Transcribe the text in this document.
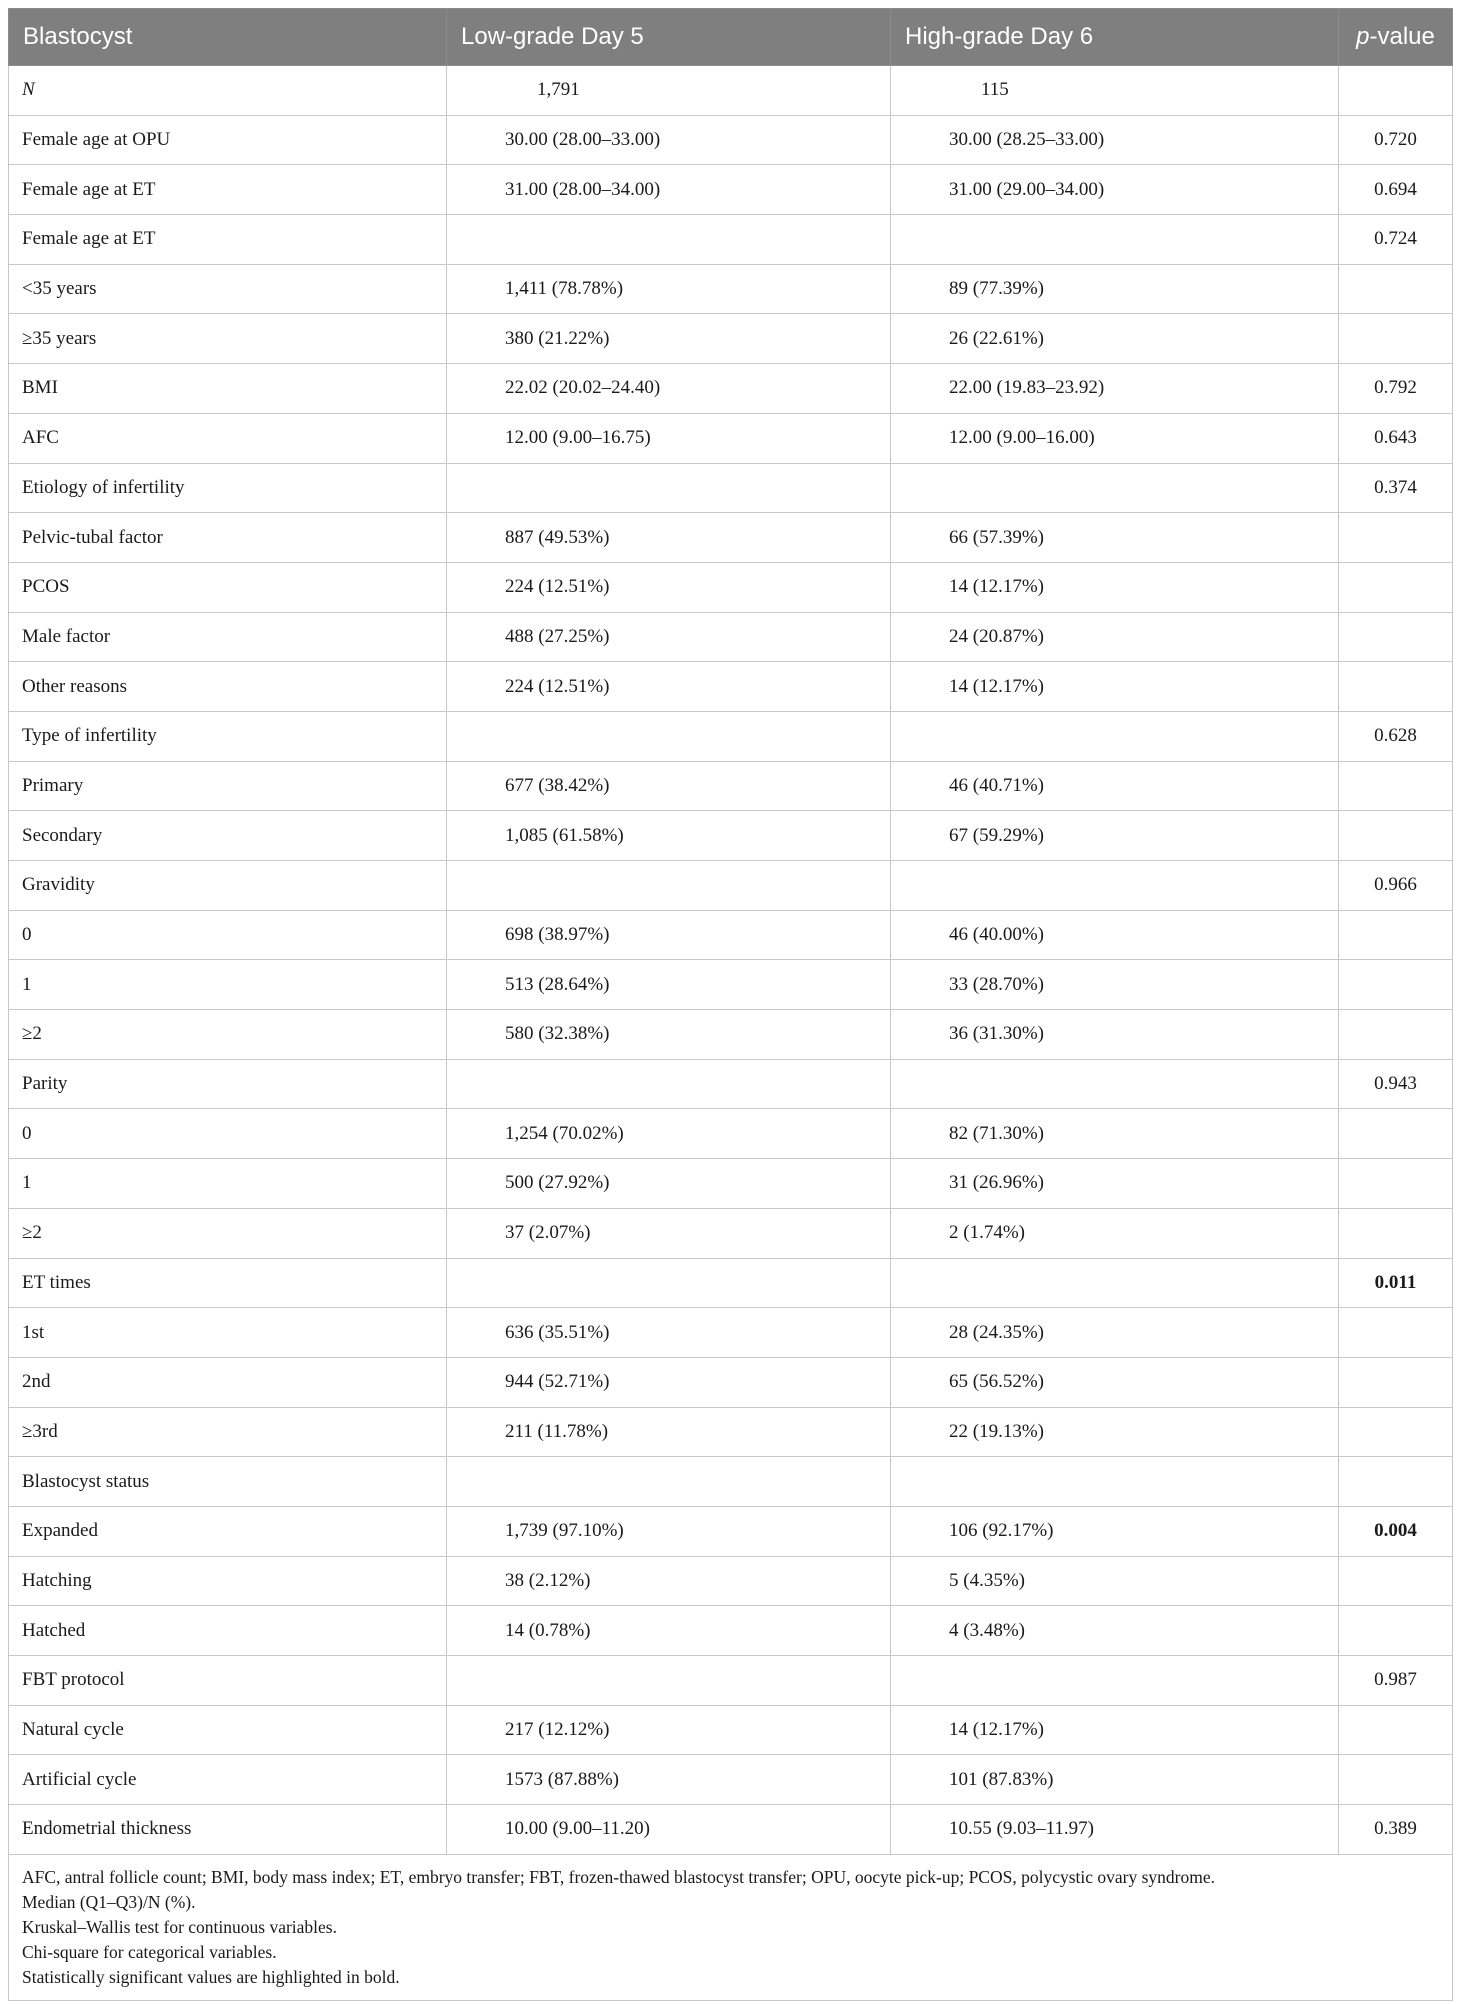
Blastocyst	Low-grade Day 5	High-grade Day 6	p-value
N	1,791	115	
Female age at OPU	30.00 (28.00–33.00)	30.00 (28.25–33.00)	0.720
Female age at ET	31.00 (28.00–34.00)	31.00 (29.00–34.00)	0.694
Female age at ET			0.724
<35 years	1,411 (78.78%)	89 (77.39%)	
≥35 years	380 (21.22%)	26 (22.61%)	
BMI	22.02 (20.02–24.40)	22.00 (19.83–23.92)	0.792
AFC	12.00 (9.00–16.75)	12.00 (9.00–16.00)	0.643
Etiology of infertility			0.374
Pelvic-tubal factor	887 (49.53%)	66 (57.39%)	
PCOS	224 (12.51%)	14 (12.17%)	
Male factor	488 (27.25%)	24 (20.87%)	
Other reasons	224 (12.51%)	14 (12.17%)	
Type of infertility			0.628
Primary	677 (38.42%)	46 (40.71%)	
Secondary	1,085 (61.58%)	67 (59.29%)	
Gravidity			0.966
0	698 (38.97%)	46 (40.00%)	
1	513 (28.64%)	33 (28.70%)	
≥2	580 (32.38%)	36 (31.30%)	
Parity			0.943
0	1,254 (70.02%)	82 (71.30%)	
1	500 (27.92%)	31 (26.96%)	
≥2	37 (2.07%)	2 (1.74%)	
ET times			0.011
1st	636 (35.51%)	28 (24.35%)	
2nd	944 (52.71%)	65 (56.52%)	
≥3rd	211 (11.78%)	22 (19.13%)	
Blastocyst status			
Expanded	1,739 (97.10%)	106 (92.17%)	0.004
Hatching	38 (2.12%)	5 (4.35%)	
Hatched	14 (0.78%)	4 (3.48%)	
FBT protocol			0.987
Natural cycle	217 (12.12%)	14 (12.17%)	
Artificial cycle	1573 (87.88%)	101 (87.83%)	
Endometrial thickness	10.00 (9.00–11.20)	10.55 (9.03–11.97)	0.389

AFC, antral follicle count; BMI, body mass index; ET, embryo transfer; FBT, frozen-thawed blastocyst transfer; OPU, oocyte pick-up; PCOS, polycystic ovary syndrome.
Median (Q1–Q3)/N (%).
Kruskal–Wallis test for continuous variables.
Chi-square for categorical variables.
Statistically significant values are highlighted in bold.			
